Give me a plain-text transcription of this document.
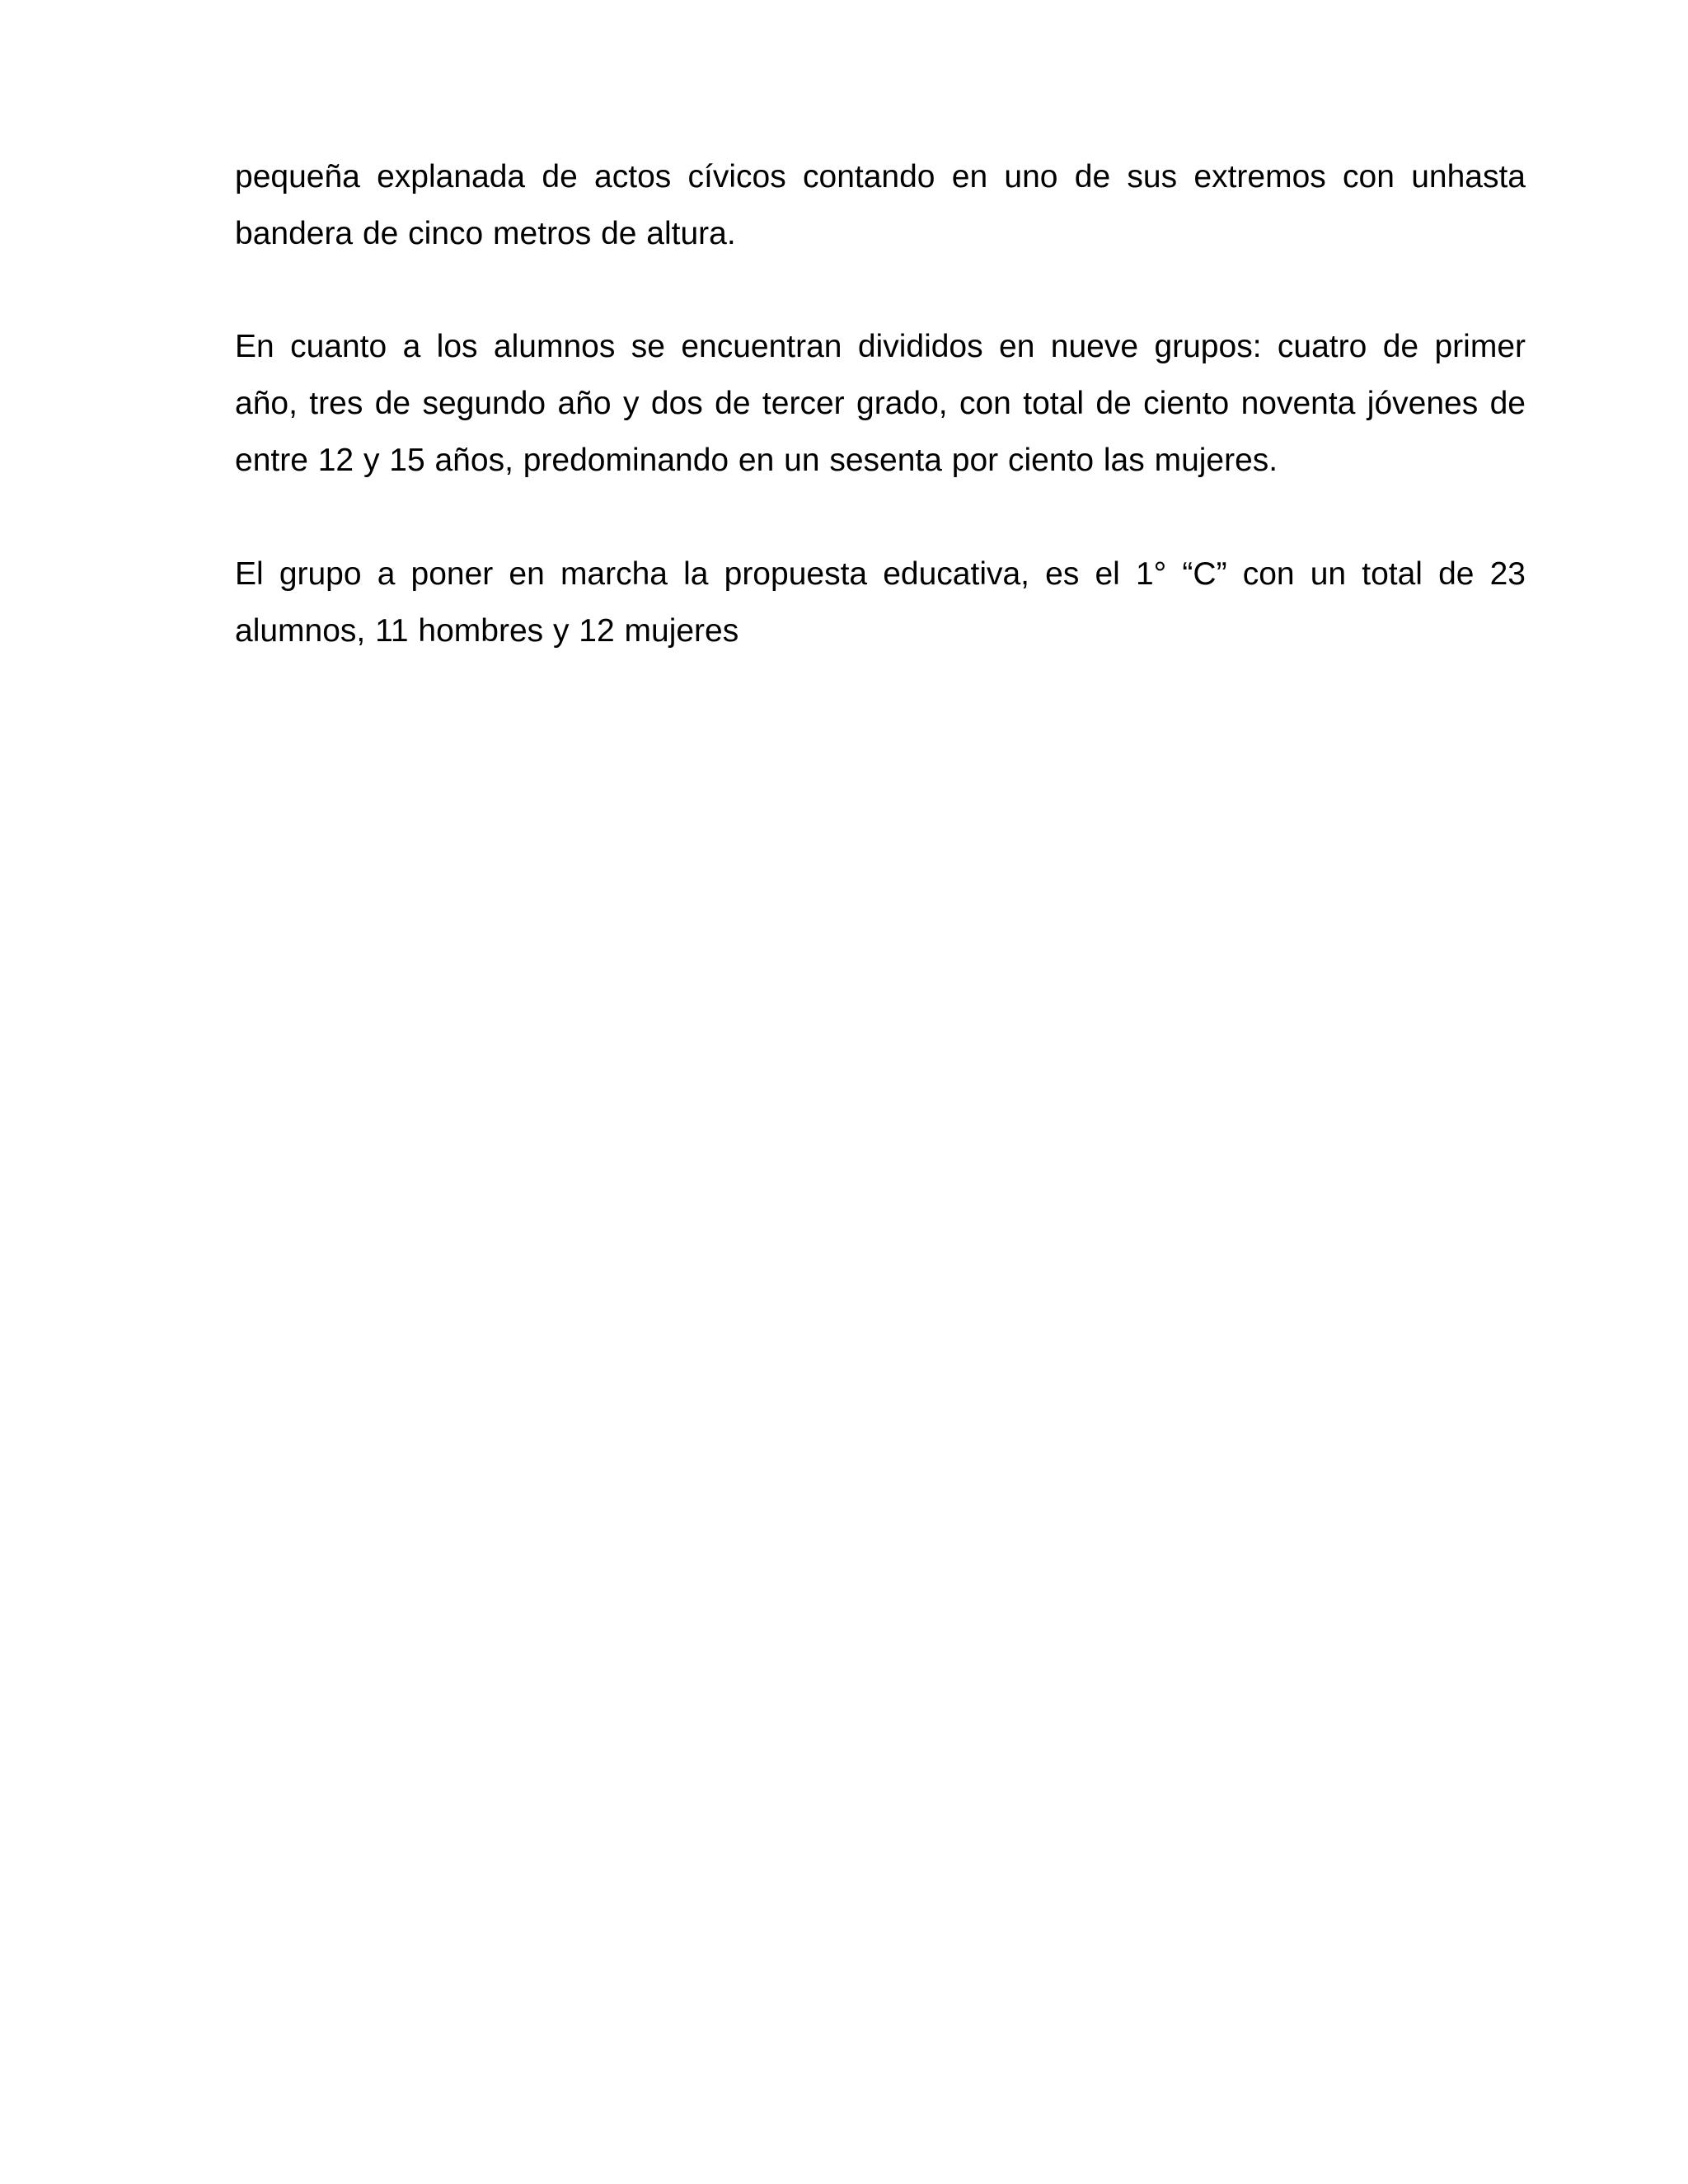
pequeña explanada de actos cívicos contando en uno de sus extremos con unhasta
bandera de cinco metros de altura.

En cuanto a los alumnos se encuentran divididos en nueve grupos: cuatro de primer
año, tres de segundo año y dos de tercer grado, con total de ciento noventa jóvenes de
entre 12 y 15 años, predominando en un sesenta por ciento las mujeres.

El grupo a poner en marcha la propuesta educativa, es el 1° “C” con un total de 23
alumnos, 11 hombres y 12 mujeres
